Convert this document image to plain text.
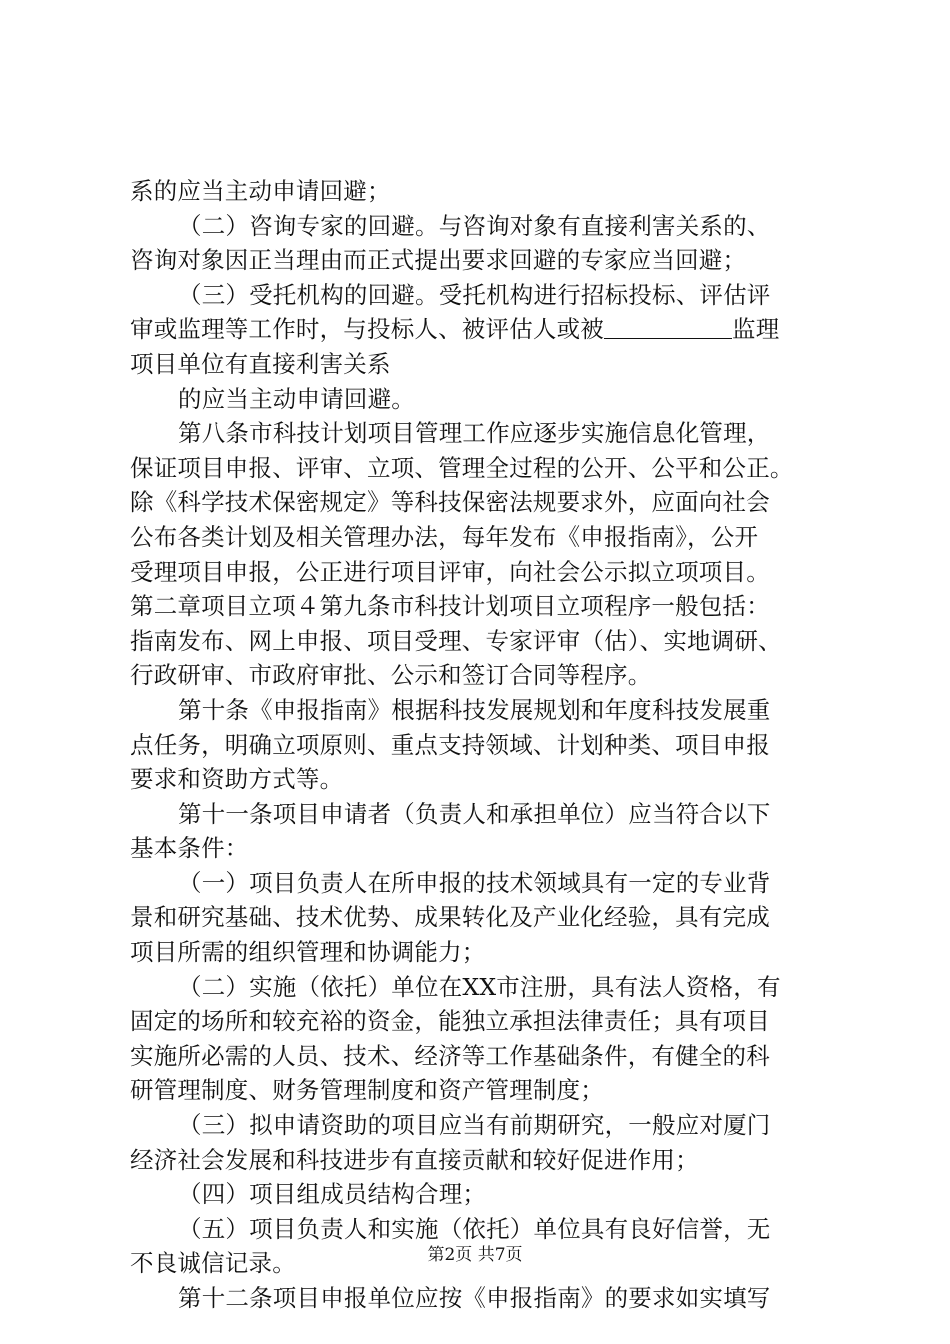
系的应当主动申请回避；
（二）咨询专家的回避。与咨询对象有直接利害关系的、
咨询对象因正当理由而正式提出要求回避的专家应当回避；
（三）受托机构的回避。受托机构进行招标投标、评估评
审或监理等工作时，与投标人、被评估人或被	监理
项目单位有直接利害关系
的应当主动申请回避。
第八条市科技计划项目管理工作应逐步实施信息化管理，
保证项目申报、评审、立项、管理全过程的公开、公平和公正。
除《科学技术保密规定》等科技保密法规要求外，应面向社会
公布各类计划及相关管理办法，每年发布《申报指南》，公开
受理项目申报，公正进行项目评审，向社会公示拟立项项目。
第二章项目立项４第九条市科技计划项目立项程序一般包括：
指南发布、网上申报、项目受理、专家评审（估）、实地调研、
行政研审、市政府审批、公示和签订合同等程序。
第十条《申报指南》根据科技发展规划和年度科技发展重
点任务，明确立项原则、重点支持领域、计划种类、项目申报
要求和资助方式等。
第十一条项目申请者（负责人和承担单位）应当符合以下
基本条件：
（一）项目负责人在所申报的技术领域具有一定的专业背
景和研究基础、技术优势、成果转化及产业化经验，具有完成
项目所需的组织管理和协调能力；
（二）实施（依托）单位在XX市注册，具有法人资格，有
固定的场所和较充裕的资金，能独立承担法律责任；具有项目
实施所必需的人员、技术、经济等工作基础条件，有健全的科
研管理制度、财务管理制度和资产管理制度；
（三）拟申请资助的项目应当有前期研究，一般应对厦门
经济社会发展和科技进步有直接贡献和较好促进作用；
（四）项目组成员结构合理；
（五）项目负责人和实施（依托）单位具有良好信誉，无
不良诚信记录。
第十二条项目申报单位应按《申报指南》的要求如实填写
第2页 共7页
